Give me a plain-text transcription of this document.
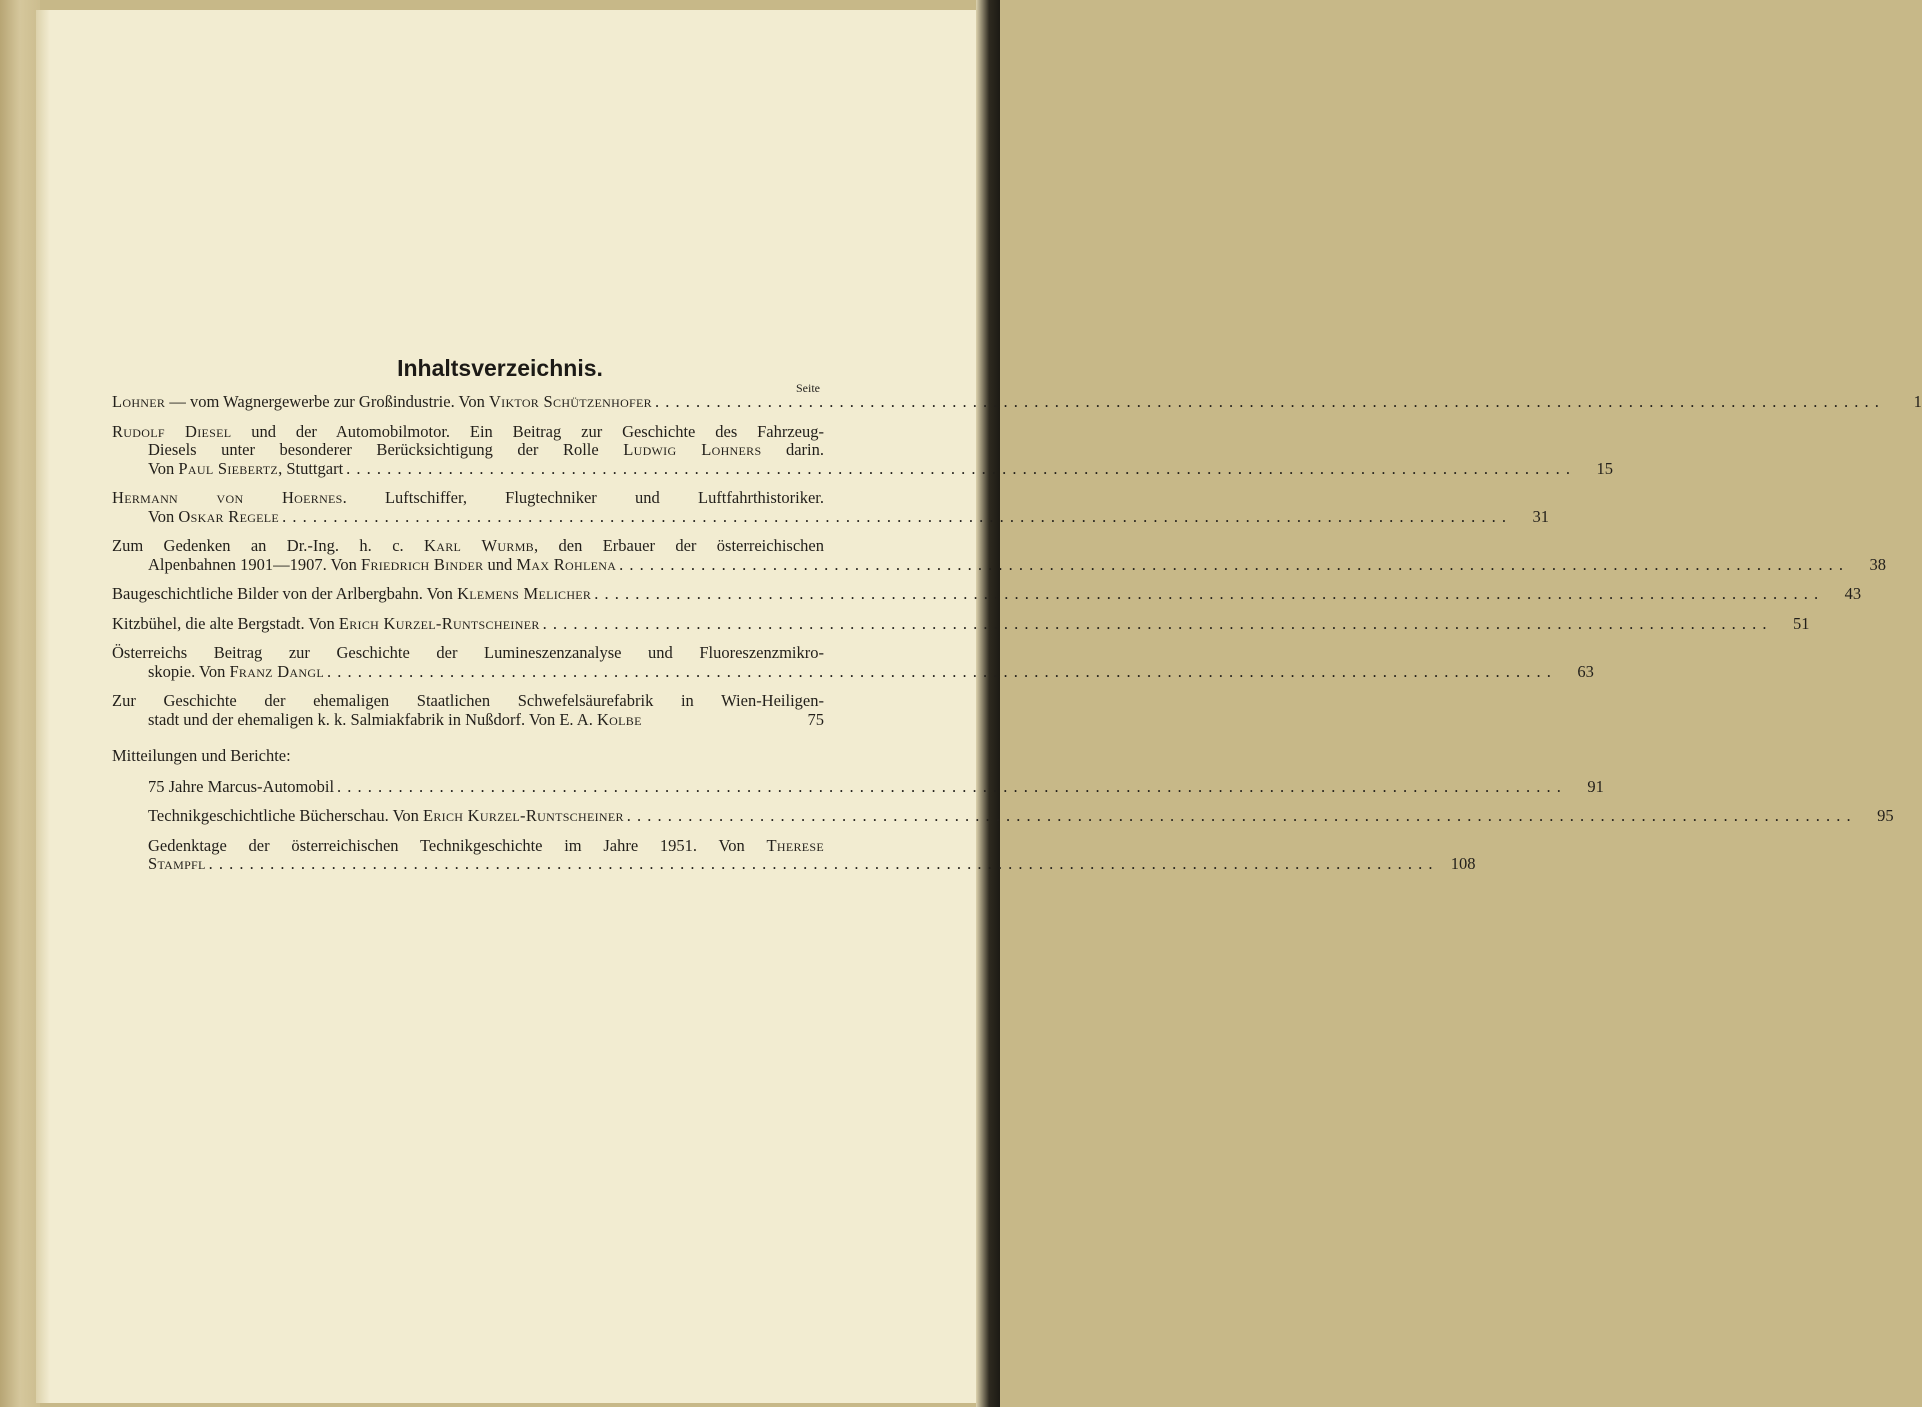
Inhaltsverzeichnis.
Seite
Lohner — vom Wagnergewerbe zur Großindustrie. Von Viktor Schützenhofer . . . . . . . . . . . . . . . . . . . . . . . . . . . . . . . . . . . . . . . . . . . . . . . . . . . . . . . . . . . . . . . . . . . . . . . . . . . . . . . . . . . . . . . . . . . . . . . . . . . . . . . . . . . . . . . . . . . . . . . .	1
Rudolf Diesel und der Automobilmotor. Ein Beitrag zur Geschichte des Fahrzeug-
Diesels unter besonderer Berücksichtigung der Rolle Ludwig Lohners darin.
Von Paul Siebertz, Stuttgart . . . . . . . . . . . . . . . . . . . . . . . . . . . . . . . . . . . . . . . . . . . . . . . . . . . . . . . . . . . . . . . . . . . . . . . . . . . . . . . . . . . . . . . . . . . . . . . . . . . . . . . . . . . . . . . . . . . . . . . .	15
Hermann von Hoernes. Luftschiffer, Flugtechniker und Luftfahrthistoriker.
Von Oskar Regele . . . . . . . . . . . . . . . . . . . . . . . . . . . . . . . . . . . . . . . . . . . . . . . . . . . . . . . . . . . . . . . . . . . . . . . . . . . . . . . . . . . . . . . . . . . . . . . . . . . . . . . . . . . . . . . . . . . . . . . .	31
Zum Gedenken an Dr.-Ing. h. c. Karl Wurmb, den Erbauer der österreichischen
Alpenbahnen 1901—1907. Von Friedrich Binder und Max Rohlena . . . . . . . . . . . . . . . . . . . . . . . . . . . . . . . . . . . . . . . . . . . . . . . . . . . . . . . . . . . . . . . . . . . . . . . . . . . . . . . . . . . . . . . . . . . . . . . . . . . . . . . . . . . . . . . . . . . . . . . .	38
Baugeschichtliche Bilder von der Arlbergbahn. Von Klemens Melicher . . . . . . . . . . . . . . . . . . . . . . . . . . . . . . . . . . . . . . . . . . . . . . . . . . . . . . . . . . . . . . . . . . . . . . . . . . . . . . . . . . . . . . . . . . . . . . . . . . . . . . . . . . . . . . . . . . . . . . . .	43
Kitzbühel, die alte Bergstadt. Von Erich Kurzel-Runtscheiner . . . . . . . . . . . . . . . . . . . . . . . . . . . . . . . . . . . . . . . . . . . . . . . . . . . . . . . . . . . . . . . . . . . . . . . . . . . . . . . . . . . . . . . . . . . . . . . . . . . . . . . . . . . . . . . . . . . . . . . .	51
Österreichs Beitrag zur Geschichte der Lumineszenzanalyse und Fluoreszenzmikro-
skopie. Von Franz Dangl . . . . . . . . . . . . . . . . . . . . . . . . . . . . . . . . . . . . . . . . . . . . . . . . . . . . . . . . . . . . . . . . . . . . . . . . . . . . . . . . . . . . . . . . . . . . . . . . . . . . . . . . . . . . . . . . . . . . . . . .	63
Zur Geschichte der ehemaligen Staatlichen Schwefelsäurefabrik in Wien-Heiligen-
stadt und der ehemaligen k. k. Salmiakfabrik in Nußdorf. Von E. A. Kolbe	75
Mitteilungen und Berichte:
75 Jahre Marcus-Automobil . . . . . . . . . . . . . . . . . . . . . . . . . . . . . . . . . . . . . . . . . . . . . . . . . . . . . . . . . . . . . . . . . . . . . . . . . . . . . . . . . . . . . . . . . . . . . . . . . . . . . . . . . . . . . . . . . . . . . . . .	91
Technikgeschichtliche Bücherschau. Von Erich Kurzel-Runtscheiner . . . . . . . . . . . . . . . . . . . . . . . . . . . . . . . . . . . . . . . . . . . . . . . . . . . . . . . . . . . . . . . . . . . . . . . . . . . . . . . . . . . . . . . . . . . . . . . . . . . . . . . . . . . . . . . . . . . . . . . .	95
Gedenktage der österreichischen Technikgeschichte im Jahre 1951. Von Therese
Stampfl . . . . . . . . . . . . . . . . . . . . . . . . . . . . . . . . . . . . . . . . . . . . . . . . . . . . . . . . . . . . . . . . . . . . . . . . . . . . . . . . . . . . . . . . . . . . . . . . . . . . . . . . . . . . . . . . . . . . . . . .	108
